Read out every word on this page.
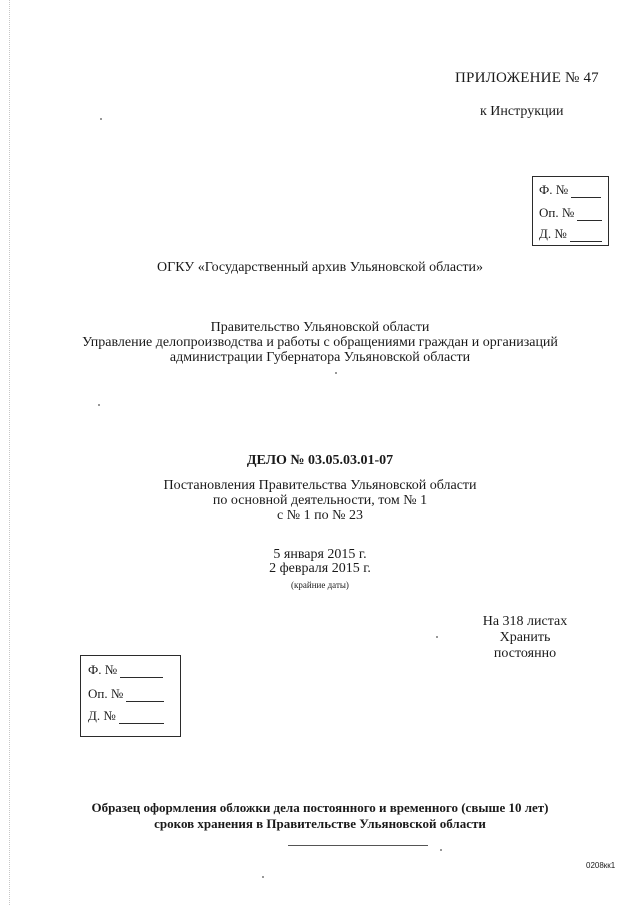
ПРИЛОЖЕНИЕ № 47
к Инструкции
Ф. №
Оп. №
Д. №
ОГКУ «Государственный архив Ульяновской области»
Правительство Ульяновской области
Управление делопроизводства и работы с обращениями граждан и организаций
администрации Губернатора Ульяновской области
ДЕЛО № 03.05.03.01-07
Постановления Правительства Ульяновской области
по основной деятельности, том № 1
с № 1 по № 23
5 января 2015 г.
2 февраля 2015 г.
(крайние даты)
На 318 листах
Хранить постоянно
Ф. №
Оп. №
Д. №
Образец оформления обложки дела постоянного и временного (свыше 10 лет)
сроков хранения в Правительстве Ульяновской области
0208кк1
